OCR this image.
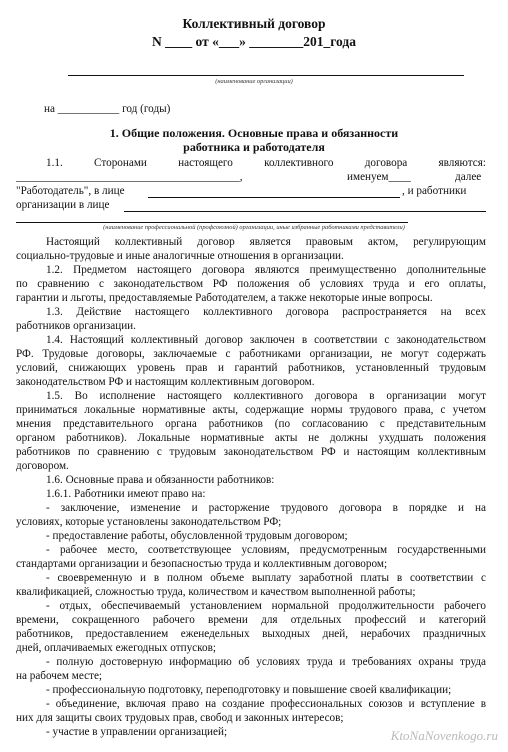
Коллективный договор
N ____ от «___» ________201_года
(наименование организации)
на ___________ год (годы)
1. Общие положения. Основные права и обязанности
работника и работодателя
1.1. Сторонами настоящего коллективного договора являются:
________________________________________,	именуем____	далее
"Работодатель", в лице	, и работники
организации в лице
(наименование профессиональной (профсоюзной) организации, иные избранные работниками представители)
Настоящий коллективный договор является правовым актом, регулирующим
социально-трудовые и иные аналогичные отношения в организации.
1.2. Предметом настоящего договора являются преимущественно дополнительные
по сравнению с законодательством РФ положения об условиях труда и его оплаты,
гарантии и льготы, предоставляемые Работодателем, а также некоторые иные вопросы.
1.3. Действие настоящего коллективного договора распространяется на всех
работников организации.
1.4. Настоящий коллективный договор заключен в соответствии с законодательством
РФ. Трудовые договоры, заключаемые с работниками организации, не могут содержать
условий, снижающих уровень прав и гарантий работников, установленный трудовым
законодательством РФ и настоящим коллективным договором.
1.5. Во исполнение настоящего коллективного договора в организации могут
приниматься локальные нормативные акты, содержащие нормы трудового права, с учетом
мнения представительного органа работников (по согласованию с представительным
органом работников). Локальные нормативные акты не должны ухудшать положения
работников по сравнению с трудовым законодательством РФ и настоящим коллективным
договором.
1.6. Основные права и обязанности работников:
1.6.1. Работники имеют право на:
- заключение, изменение и расторжение трудового договора в порядке и на
условиях, которые установлены законодательством РФ;
- предоставление работы, обусловленной трудовым договором;
- рабочее место, соответствующее условиям, предусмотренным государственными
стандартами организации и безопасностью труда и коллективным договором;
- своевременную и в полном объеме выплату заработной платы в соответствии с
квалификацией, сложностью труда, количеством и качеством выполненной работы;
- отдых, обеспечиваемый установлением нормальной продолжительности рабочего
времени, сокращенного рабочего времени для отдельных профессий и категорий
работников, предоставлением еженедельных выходных дней, нерабочих праздничных
дней, оплачиваемых ежегодных отпусков;
- полную достоверную информацию об условиях труда и требованиях охраны труда
на рабочем месте;
- профессиональную подготовку, переподготовку и повышение своей квалификации;
- объединение, включая право на создание профессиональных союзов и вступление в
них для защиты своих трудовых прав, свобод и законных интересов;
- участие в управлении организацией;	KtoNaNovenkogo.ru
